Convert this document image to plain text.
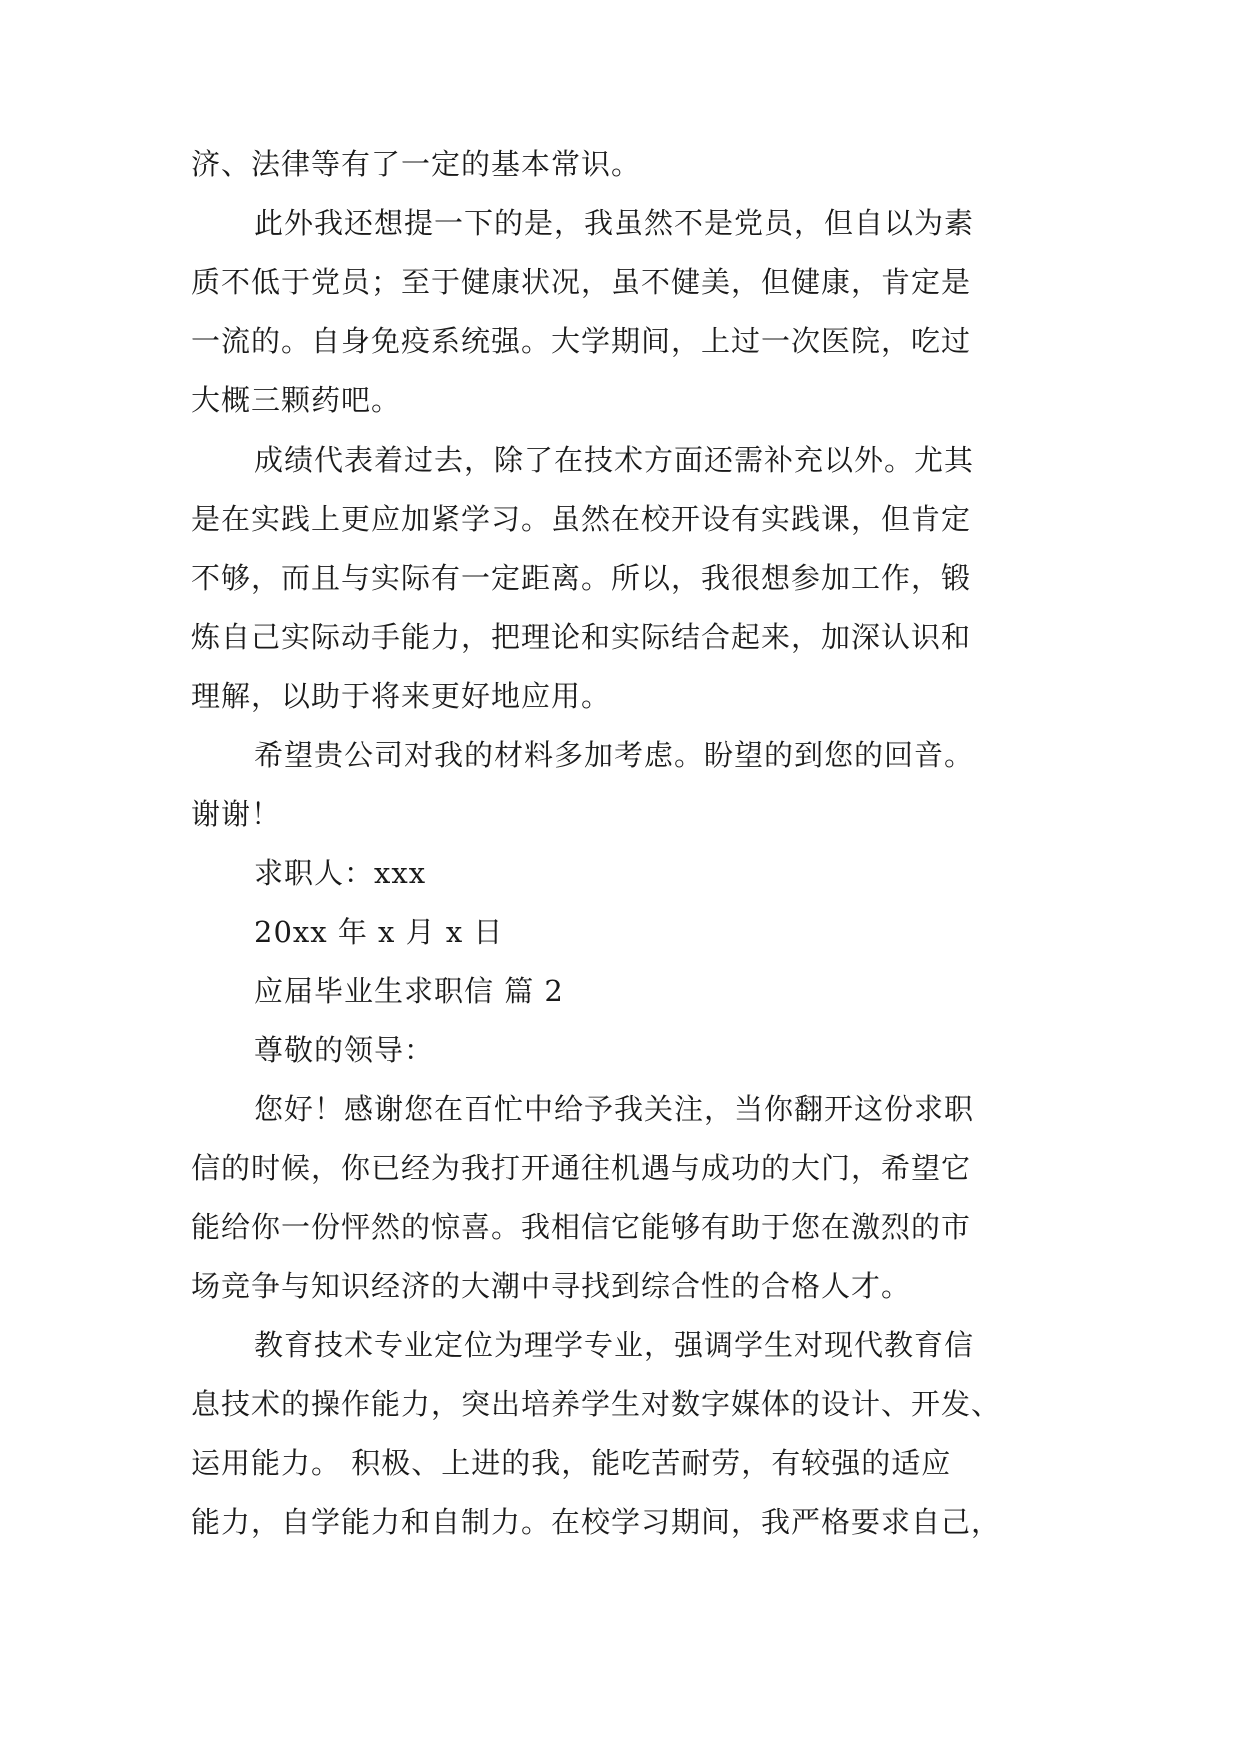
济、法律等有了一定的基本常识。
此外我还想提一下的是，我虽然不是党员，但自以为素
质不低于党员；至于健康状况，虽不健美，但健康，肯定是
一流的。自身免疫系统强。大学期间，上过一次医院，吃过
大概三颗药吧。
成绩代表着过去，除了在技术方面还需补充以外。尤其
是在实践上更应加紧学习。虽然在校开设有实践课，但肯定
不够，而且与实际有一定距离。所以，我很想参加工作，锻
炼自己实际动手能力，把理论和实际结合起来，加深认识和
理解，以助于将来更好地应用。
希望贵公司对我的材料多加考虑。盼望的到您的回音。
谢谢！
求职人：xxx
20xx 年 x 月 x 日
应届毕业生求职信 篇 2
尊敬的领导：
您好！感谢您在百忙中给予我关注，当你翻开这份求职
信的时候，你已经为我打开通往机遇与成功的大门，希望它
能给你一份怦然的惊喜。我相信它能够有助于您在激烈的市
场竞争与知识经济的大潮中寻找到综合性的合格人才。
教育技术专业定位为理学专业，强调学生对现代教育信
息技术的操作能力，突出培养学生对数字媒体的设计、开发、
运用能力。 积极、上进的我，能吃苦耐劳，有较强的适应
能力，自学能力和自制力。在校学习期间，我严格要求自己，
